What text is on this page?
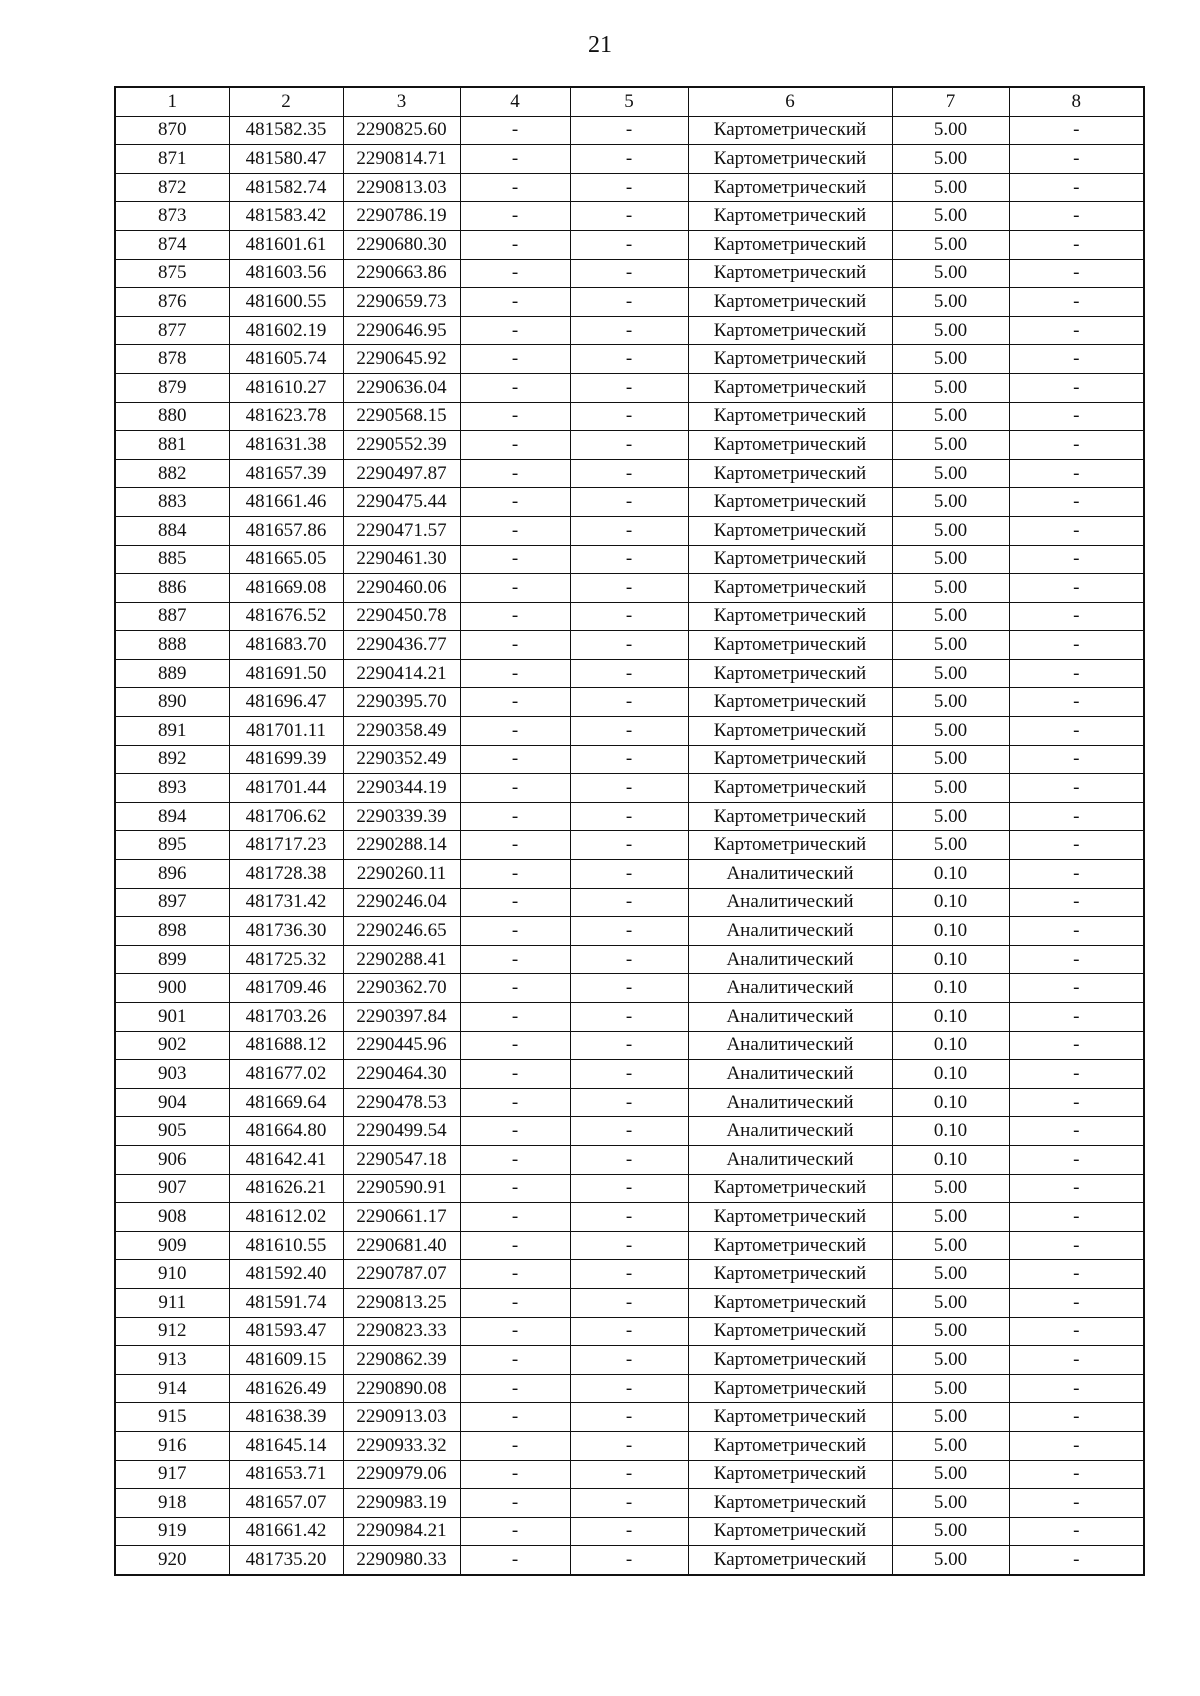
21
1	2	3	4	5	6	7	8
870	481582.35	2290825.60	-	-	Картометрический	5.00	-
871	481580.47	2290814.71	-	-	Картометрический	5.00	-
872	481582.74	2290813.03	-	-	Картометрический	5.00	-
873	481583.42	2290786.19	-	-	Картометрический	5.00	-
874	481601.61	2290680.30	-	-	Картометрический	5.00	-
875	481603.56	2290663.86	-	-	Картометрический	5.00	-
876	481600.55	2290659.73	-	-	Картометрический	5.00	-
877	481602.19	2290646.95	-	-	Картометрический	5.00	-
878	481605.74	2290645.92	-	-	Картометрический	5.00	-
879	481610.27	2290636.04	-	-	Картометрический	5.00	-
880	481623.78	2290568.15	-	-	Картометрический	5.00	-
881	481631.38	2290552.39	-	-	Картометрический	5.00	-
882	481657.39	2290497.87	-	-	Картометрический	5.00	-
883	481661.46	2290475.44	-	-	Картометрический	5.00	-
884	481657.86	2290471.57	-	-	Картометрический	5.00	-
885	481665.05	2290461.30	-	-	Картометрический	5.00	-
886	481669.08	2290460.06	-	-	Картометрический	5.00	-
887	481676.52	2290450.78	-	-	Картометрический	5.00	-
888	481683.70	2290436.77	-	-	Картометрический	5.00	-
889	481691.50	2290414.21	-	-	Картометрический	5.00	-
890	481696.47	2290395.70	-	-	Картометрический	5.00	-
891	481701.11	2290358.49	-	-	Картометрический	5.00	-
892	481699.39	2290352.49	-	-	Картометрический	5.00	-
893	481701.44	2290344.19	-	-	Картометрический	5.00	-
894	481706.62	2290339.39	-	-	Картометрический	5.00	-
895	481717.23	2290288.14	-	-	Картометрический	5.00	-
896	481728.38	2290260.11	-	-	Аналитический	0.10	-
897	481731.42	2290246.04	-	-	Аналитический	0.10	-
898	481736.30	2290246.65	-	-	Аналитический	0.10	-
899	481725.32	2290288.41	-	-	Аналитический	0.10	-
900	481709.46	2290362.70	-	-	Аналитический	0.10	-
901	481703.26	2290397.84	-	-	Аналитический	0.10	-
902	481688.12	2290445.96	-	-	Аналитический	0.10	-
903	481677.02	2290464.30	-	-	Аналитический	0.10	-
904	481669.64	2290478.53	-	-	Аналитический	0.10	-
905	481664.80	2290499.54	-	-	Аналитический	0.10	-
906	481642.41	2290547.18	-	-	Аналитический	0.10	-
907	481626.21	2290590.91	-	-	Картометрический	5.00	-
908	481612.02	2290661.17	-	-	Картометрический	5.00	-
909	481610.55	2290681.40	-	-	Картометрический	5.00	-
910	481592.40	2290787.07	-	-	Картометрический	5.00	-
911	481591.74	2290813.25	-	-	Картометрический	5.00	-
912	481593.47	2290823.33	-	-	Картометрический	5.00	-
913	481609.15	2290862.39	-	-	Картометрический	5.00	-
914	481626.49	2290890.08	-	-	Картометрический	5.00	-
915	481638.39	2290913.03	-	-	Картометрический	5.00	-
916	481645.14	2290933.32	-	-	Картометрический	5.00	-
917	481653.71	2290979.06	-	-	Картометрический	5.00	-
918	481657.07	2290983.19	-	-	Картометрический	5.00	-
919	481661.42	2290984.21	-	-	Картометрический	5.00	-
920	481735.20	2290980.33	-	-	Картометрический	5.00	-
